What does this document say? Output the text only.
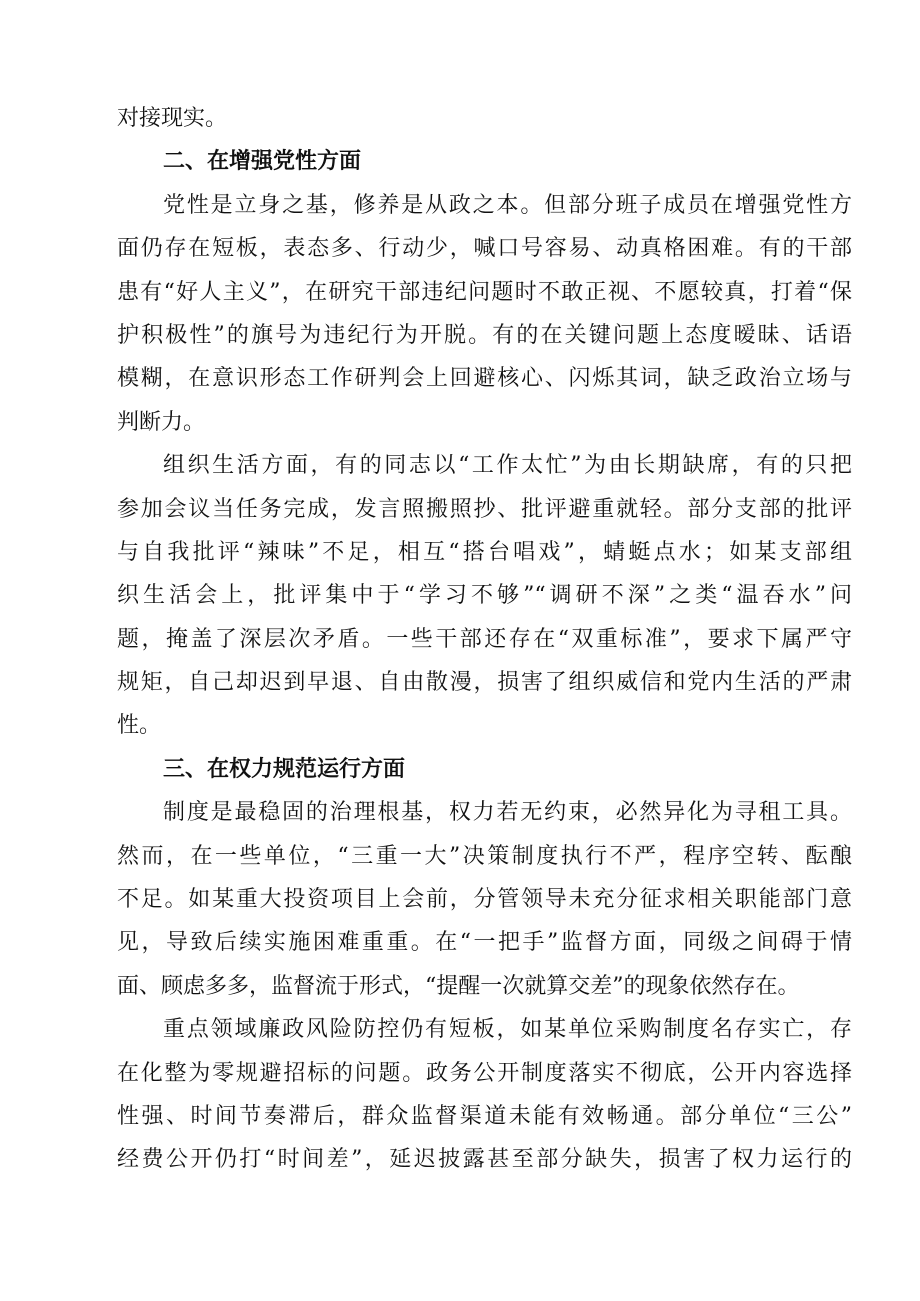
对接现实。
二、在增强党性方面
党性是立身之基，修养是从政之本。但部分班子成员在增强党性方
面仍存在短板，表态多、行动少，喊口号容易、动真格困难。有的干部
患有“好人主义”，在研究干部违纪问题时不敢正视、不愿较真，打着“保
护积极性”的旗号为违纪行为开脱。有的在关键问题上态度暧昧、话语
模糊，在意识形态工作研判会上回避核心、闪烁其词，缺乏政治立场与
判断力。
组织生活方面，有的同志以“工作太忙”为由长期缺席，有的只把
参加会议当任务完成，发言照搬照抄、批评避重就轻。部分支部的批评
与自我批评“辣味”不足，相互“搭台唱戏”，蜻蜓点水；如某支部组
织生活会上，批评集中于“学习不够”“调研不深”之类“温吞水”问
题，掩盖了深层次矛盾。一些干部还存在“双重标准”，要求下属严守
规矩，自己却迟到早退、自由散漫，损害了组织威信和党内生活的严肃
性。
三、在权力规范运行方面
制度是最稳固的治理根基，权力若无约束，必然异化为寻租工具。
然而，在一些单位，“三重一大”决策制度执行不严，程序空转、酝酿
不足。如某重大投资项目上会前，分管领导未充分征求相关职能部门意
见，导致后续实施困难重重。在“一把手”监督方面，同级之间碍于情
面、顾虑多多，监督流于形式，“提醒一次就算交差”的现象依然存在。
重点领域廉政风险防控仍有短板，如某单位采购制度名存实亡，存
在化整为零规避招标的问题。政务公开制度落实不彻底，公开内容选择
性强、时间节奏滞后，群众监督渠道未能有效畅通。部分单位“三公”
经费公开仍打“时间差”，延迟披露甚至部分缺失，损害了权力运行的
